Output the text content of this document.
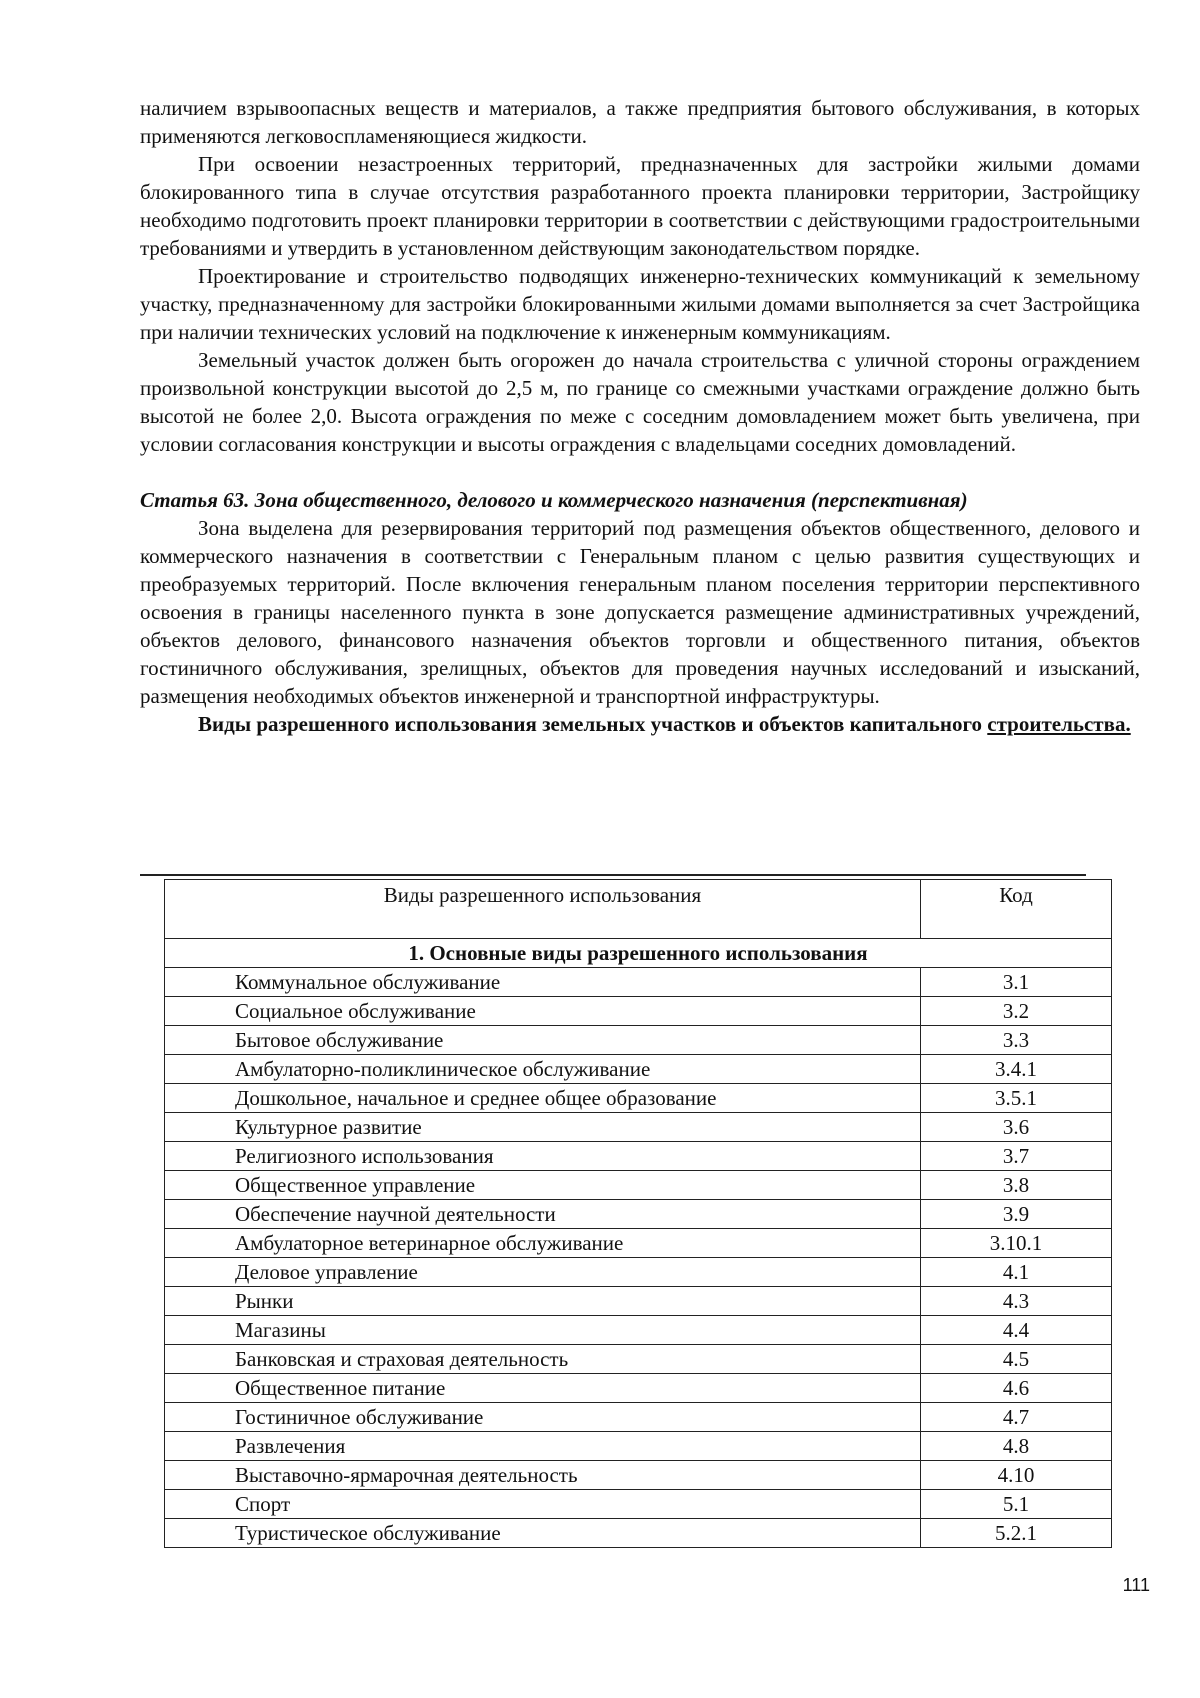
наличием взрывоопасных веществ и материалов, а также предприятия бытового обслуживания, в которых применяются легковоспламеняющиеся жидкости.

При освоении незастроенных территорий, предназначенных для застройки жилыми домами блокированного типа в случае отсутствия разработанного проекта планировки территории, Застройщику необходимо подготовить проект планировки территории в соответствии с действующими градостроительными требованиями и утвердить в установленном действующим законодательством порядке.

Проектирование и строительство подводящих инженерно-технических коммуникаций к земельному участку, предназначенному для застройки блокированными жилыми домами выполняется за счет Застройщика при наличии технических условий на подключение к инженерным коммуникациям.

Земельный участок должен быть огорожен до начала строительства с уличной стороны ограждением произвольной конструкции высотой до 2,5 м, по границе со смежными участками ограждение должно быть высотой не более 2,0. Высота ограждения по меже с соседним домовладением может быть увеличена, при условии согласования конструкции и высоты ограждения с владельцами соседних домовладений.

Статья 63. Зона общественного, делового и коммерческого назначения (перспективная)

Зона выделена для резервирования территорий под размещения объектов общественного, делового и коммерческого назначения в соответствии с Генеральным планом с целью развития существующих и преобразуемых территорий. После включения генеральным планом поселения территории перспективного освоения в границы населенного пункта в зоне допускается размещение административных учреждений, объектов делового, финансового назначения объектов торговли и общественного питания, объектов гостиничного обслуживания, зрелищных, объектов для проведения научных исследований и изысканий, размещения необходимых объектов инженерной и транспортной инфраструктуры.

Виды разрешенного использования земельных участков и объектов капитального строительства.

Виды разрешенного использования	Код
1. Основные виды разрешенного использования	
Коммунальное обслуживание	3.1
Социальное обслуживание	3.2
Бытовое обслуживание	3.3
Амбулаторно-поликлиническое обслуживание	3.4.1
Дошкольное, начальное и среднее общее образование	3.5.1
Культурное развитие	3.6
Религиозного использования	3.7
Общественное управление	3.8
Обеспечение научной деятельности	3.9
Амбулаторное ветеринарное обслуживание	3.10.1
Деловое управление	4.1
Рынки	4.3
Магазины	4.4
Банковская и страховая деятельность	4.5
Общественное питание	4.6
Гостиничное обслуживание	4.7
Развлечения	4.8
Выставочно-ярмарочная деятельность	4.10
Спорт	5.1
Туристическое обслуживание	5.2.1
111
